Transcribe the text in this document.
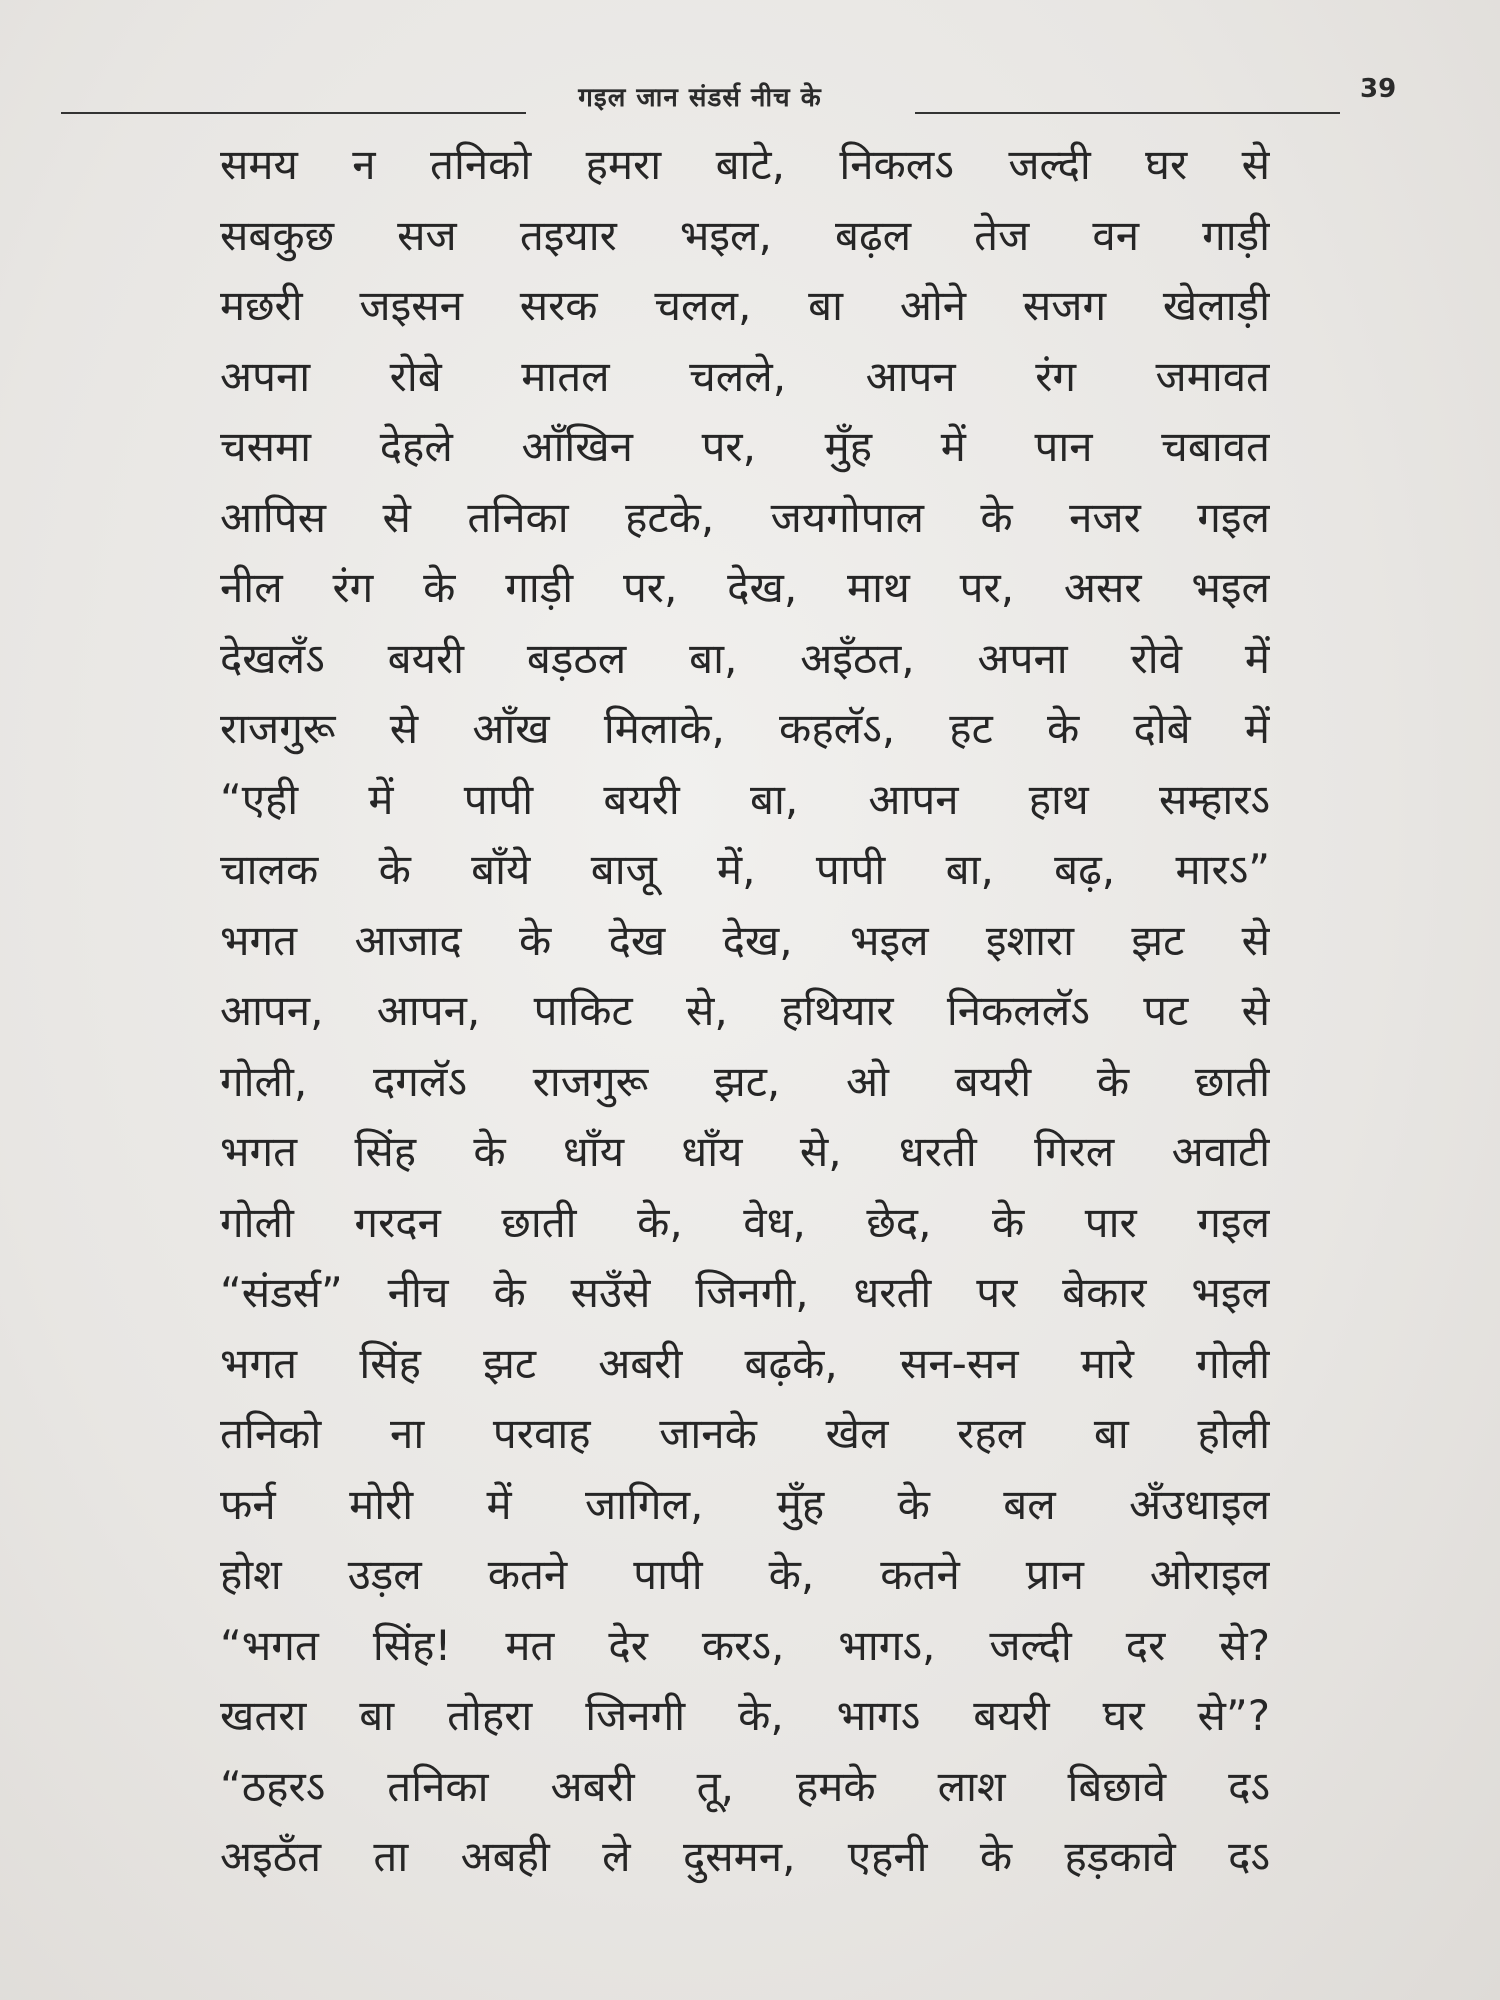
गइल जान संडर्स नीच के	39
समय न तनिको हमरा बाटे, निकलऽ जल्दी घर से
सबकुछ सज तइयार भइल, बढ़ल तेज वन गाड़ी
मछरी जइसन सरक चलल, बा ओने सजग खेलाड़ी
अपना रोबे मातल चलले, आपन रंग जमावत
चसमा देहले आँखिन पर, मुँह में पान चबावत
आपिस से तनिका हटके, जयगोपाल के नजर गइल
नील रंग के गाड़ी पर, देख, माथ पर, असर भइल
देखलँऽ बयरी बड़ठल बा, अइँठत, अपना रोवे में
राजगुरू से आँख मिलाके, कहलॅऽ, हट के दोबे में
“एही में पापी बयरी बा, आपन हाथ सम्हारऽ
चालक के बाँये बाजू में, पापी बा, बढ़, मारऽ”
भगत आजाद के देख देख, भइल इशारा झट से
आपन, आपन, पाकिट से, हथियार निकललॅऽ पट से
गोली, दगलॅऽ राजगुरू झट, ओ बयरी के छाती
भगत सिंह के धाँय धाँय से, धरती गिरल अवाटी
गोली गरदन छाती के, वेध, छेद, के पार गइल
“संडर्स” नीच के सउँसे जिनगी, धरती पर बेकार भइल
भगत सिंह झट अबरी बढ़के, सन-सन मारे गोली
तनिको ना परवाह जानके खेल रहल बा होली
फर्न मोरी में जागिल, मुँह के बल अँउधाइल
होश उड़ल कतने पापी के, कतने प्रान ओराइल
“भगत सिंह! मत देर करऽ, भागऽ, जल्दी दर से?
खतरा बा तोहरा जिनगी के, भागऽ बयरी घर से”?
“ठहरऽ तनिका अबरी तू, हमके लाश बिछावे दऽ
अइठँत ता अबही ले दुसमन, एहनी के हड़कावे दऽ
